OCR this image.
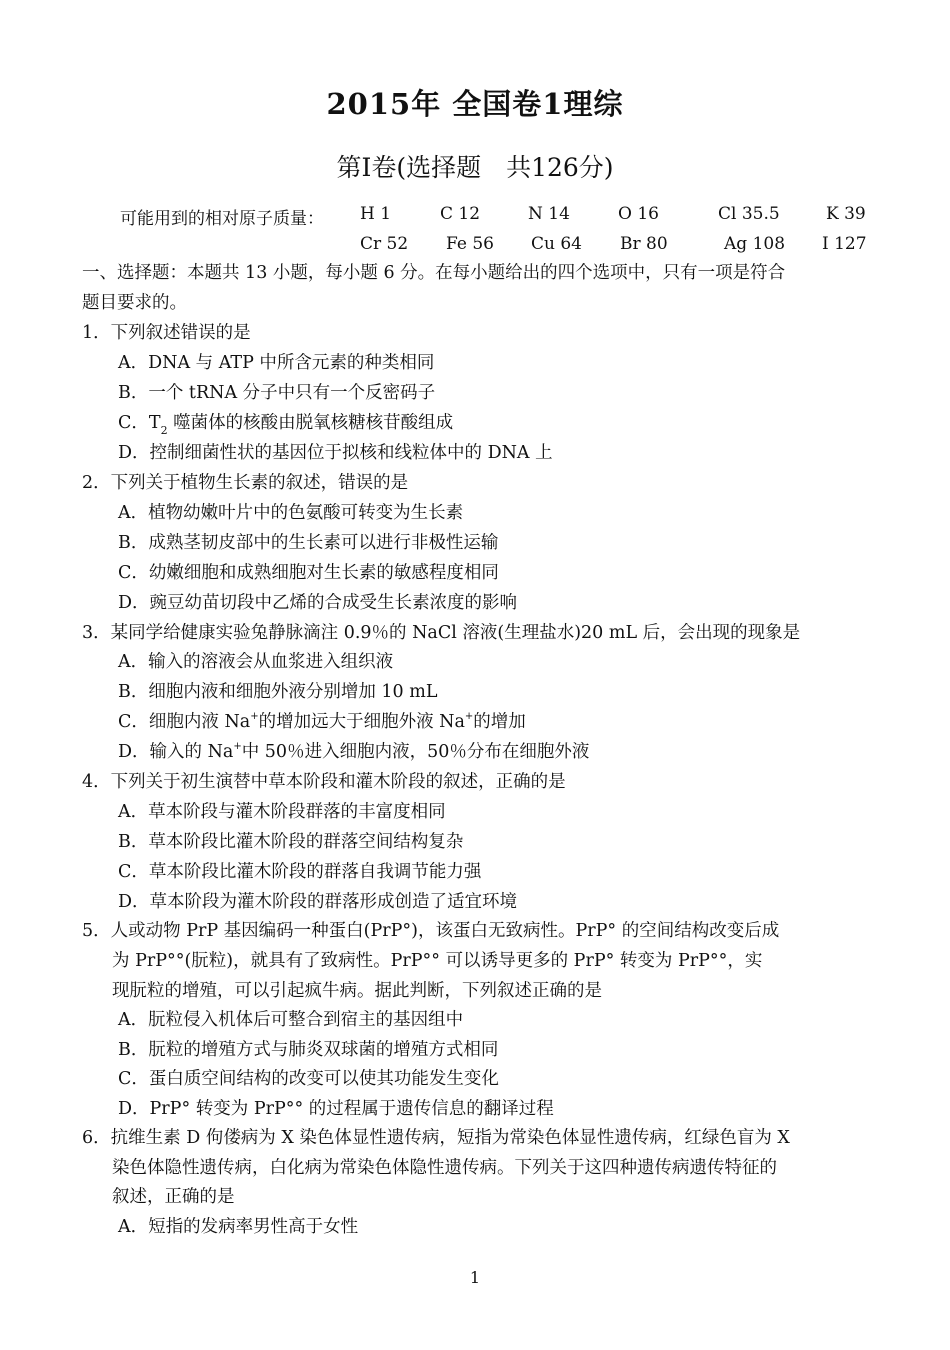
2015年 全国卷1理综
第Ⅰ卷(选择题　共126分)
可能用到的相对原子质量： H 1	C 12	N 14	O 16	Cl 35.5	K 39
Cr 52 Fe 56 Cu 64 Br 80	Ag 108 I 127
一、选择题：本题共 13 小题，每小题 6 分。在每小题给出的四个选项中，只有一项是符合
题目要求的。
1．下列叙述错误的是
A．DNA 与 ATP 中所含元素的种类相同
B．一个 tRNA 分子中只有一个反密码子
C．$T_2$ 噬菌体的核酸由脱氧核糖核苷酸组成
D．控制细菌性状的基因位于拟核和线粒体中的 DNA 上
2．下列关于植物生长素的叙述，错误的是
A．植物幼嫩叶片中的色氨酸可转变为生长素
B．成熟茎韧皮部中的生长素可以进行非极性运输
C．幼嫩细胞和成熟细胞对生长素的敏感程度相同
D．豌豆幼苗切段中乙烯的合成受生长素浓度的影响
3．某同学给健康实验兔静脉滴注 0.9％的 NaCl 溶液(生理盐水)20 mL 后，会出现的现象是
A．输入的溶液会从血浆进入组织液
B．细胞内液和细胞外液分别增加 10 mL
C．细胞内液 Na+的增加远大于细胞外液 Na+的增加
D．输入的 Na+中 50％进入细胞内液，50％分布在细胞外液
4．下列关于初生演替中草本阶段和灌木阶段的叙述，正确的是
A．草本阶段与灌木阶段群落的丰富度相同
B．草本阶段比灌木阶段的群落空间结构复杂
C．草本阶段比灌木阶段的群落自我调节能力强
D．草本阶段为灌木阶段的群落形成创造了适宜环境
5．人或动物 PrP 基因编码一种蛋白(PrP°)，该蛋白无致病性。PrP° 的空间结构改变后成
为 PrP°°(朊粒)，就具有了致病性。PrP°° 可以诱导更多的 PrP° 转变为 PrP°°，实
现朊粒的增殖，可以引起疯牛病。据此判断，下列叙述正确的是
A．朊粒侵入机体后可整合到宿主的基因组中
B．朊粒的增殖方式与肺炎双球菌的增殖方式相同
C．蛋白质空间结构的改变可以使其功能发生变化
D．PrP° 转变为 PrP°° 的过程属于遗传信息的翻译过程
6．抗维生素 D 佝偻病为 X 染色体显性遗传病，短指为常染色体显性遗传病，红绿色盲为 X
染色体隐性遗传病，白化病为常染色体隐性遗传病。下列关于这四种遗传病遗传特征的
叙述，正确的是
A．短指的发病率男性高于女性
1
